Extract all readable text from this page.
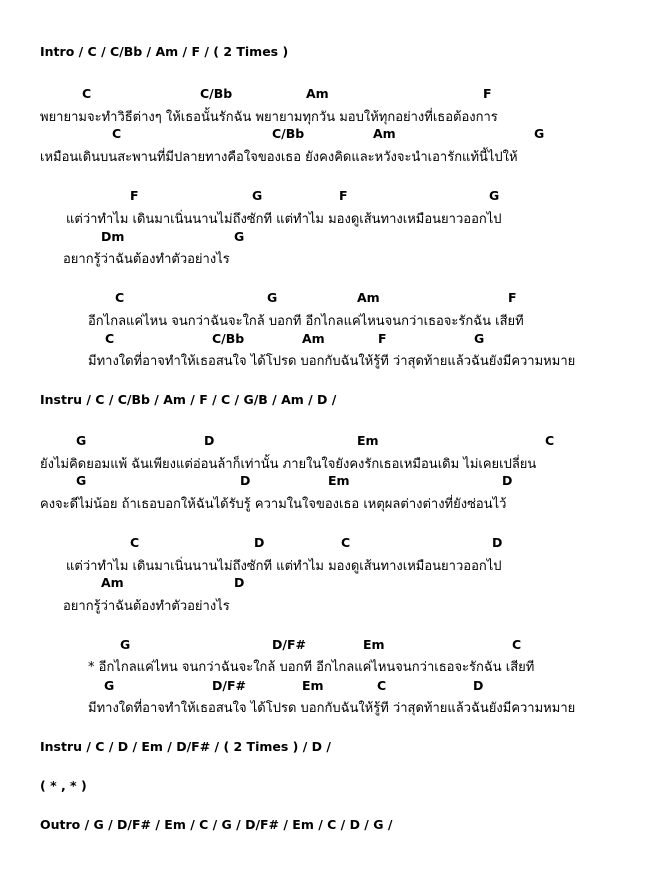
Intro / C / C/Bb / Am / F / ( 2 Times )
C	C/Bb	Am	F
พยายามจะทำวิธีต่างๆ ให้เธอนั้นรักฉัน พยายามทุกวัน มอบให้ทุกอย่างที่เธอต้องการ
C	C/Bb	Am	G
เหมือนเดินบนสะพานที่มีปลายทางคือใจของเธอ ยังคงคิดและหวังจะนำเอารักแท้นี้ไปให้
F	G	F	G
แต่ว่าทำไม เดินมาเนิ่นนานไม่ถึงซักที แต่ทำไม มองดูเส้นทางเหมือนยาวออกไป
Dm	G
อยากรู้ว่าฉันต้องทำตัวอย่างไร
C	G	Am	F
อีกไกลแค่ไหน จนกว่าฉันจะใกล้ บอกที อีกไกลแค่ไหนจนกว่าเธอจะรักฉัน เสียที
C	C/Bb	Am	F	G
มีทางใดที่อาจทำให้เธอสนใจ ได้โปรด บอกกับฉันให้รู้ที ว่าสุดท้ายแล้วฉันยังมีความหมาย
Instru / C / C/Bb / Am / F / C / G/B / Am / D /
G	D	Em	C
ยังไม่คิดยอมแพ้ ฉันเพียงแต่อ่อนล้าก็เท่านั้น ภายในใจยังคงรักเธอเหมือนเดิม ไม่เคยเปลี่ยน
G	D	Em	D
คงจะดีไม่น้อย ถ้าเธอบอกให้ฉันได้รับรู้ ความในใจของเธอ เหตุผลต่างต่างที่ยังซ่อนไว้
C	D	C	D
แต่ว่าทำไม เดินมาเนิ่นนานไม่ถึงซักที แต่ทำไม มองดูเส้นทางเหมือนยาวออกไป
Am	D
อยากรู้ว่าฉันต้องทำตัวอย่างไร
G	D/F#	Em	C
* อีกไกลแค่ไหน จนกว่าฉันจะใกล้ บอกที อีกไกลแค่ไหนจนกว่าเธอจะรักฉัน เสียที
G	D/F#	Em	C	D
มีทางใดที่อาจทำให้เธอสนใจ ได้โปรด บอกกับฉันให้รู้ที ว่าสุดท้ายแล้วฉันยังมีความหมาย
Instru / C / D / Em / D/F# / ( 2 Times ) / D /
( * , * )
Outro / G / D/F# / Em / C / G / D/F# / Em / C / D / G /
